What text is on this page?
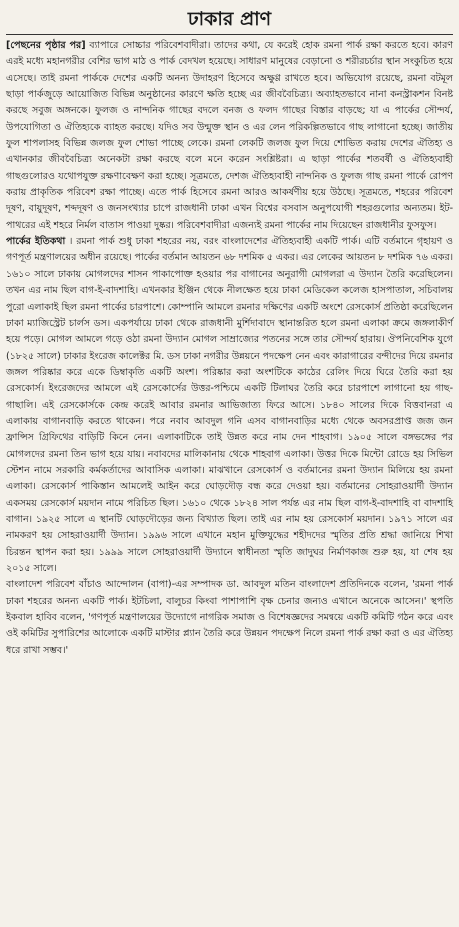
ঢাকার প্রাণ

[পেছনের পৃষ্ঠার পর] ব্যাপারে সোচ্চার পরিবেশবাদীরা। তাদের কথা, যে করেই হোক রমনা পার্ক রক্ষা করতে হবে। কারণ এরই মধ্যে মহানগরীর বেশির ভাগ মাঠ ও পার্ক বেদখল হয়েছে। সাধারণ মানুষের বেড়ানো ও শরীরচর্চার স্থান সংকুচিত হয়ে এসেছে। তাই রমনা পার্ককে দেশের একটি অনন্য উদাহরণ হিসেবে অক্ষুণ্ণ রাখতে হবে। অভিযোগ রয়েছে, রমনা বটমূল ছাড়া পার্কজুড়ে আয়োজিত বিভিন্ন অনুষ্ঠানের কারণে ক্ষতি হচ্ছে এর জীববৈচিত্র্য। অব্যাহতভাবে নানা কনস্ট্রাকশন বিনষ্ট করছে সবুজ অঙ্গনকে। ফুলজ ও নান্দনিক গাছের বদলে বনজ ও ফলদ গাছের বিস্তার বাড়ছে; যা এ পার্কের সৌন্দর্য, উপযোগিতা ও ঐতিহ্যকে ব্যাহত করছে। যদিও সব উন্মুক্ত স্থান ও এর লেন পরিকল্পিতভাবে গাছ লাগানো হচ্ছে। জাতীয় ফুল শাপলাসহ বিভিন্ন জলজ ফুল শোভা পাচ্ছে লেকে। রমনা লেকটি জলজ ফুল দিয়ে শোভিত করায় দেশের ঐতিহ্য ও এখানকার জীববৈচিত্র্য অনেকটা রক্ষা করছে বলে মনে করেন সংশ্লিষ্টরা। এ ছাড়া পার্কের শতবর্ষী ও ঐতিহ্যবাহী গাছগুলোরও যথোপযুক্ত রক্ষণাবেক্ষণ করা হচ্ছে। সূত্রমতে, দেশজ ঐতিহ্যবাহী নান্দনিক ও ফুলজ গাছ রমনা পার্কে রোপণ করায় প্রাকৃতিক পরিবেশ রক্ষা পাচ্ছে। এতে পার্ক হিসেবে রমনা আরও আকর্ষণীয় হয়ে উঠছে। সূত্রমতে, শহরের পরিবেশ দূষণ, বায়ুদূষণ, শব্দদূষণ ও জনসংখ্যার চাপে রাজধানী ঢাকা এখন বিশ্বের বসবাস অনুপযোগী শহরগুলোর অন্যতম। ইট-পাথরের এই শহরে নির্মল বাতাস পাওয়া দুষ্কর। পরিবেশবাদীরা এজন্যই রমনা পার্কের নাম দিয়েছেন রাজধানীর ফুসফুস।

পার্কের ইতিকথা । রমনা পার্ক শুধু ঢাকা শহরের নয়, বরং বাংলাদেশের ঐতিহ্যবাহী একটি পার্ক। এটি বর্তমানে গৃহায়ণ ও গণপূর্ত মন্ত্রণালয়ের অধীন রয়েছে। পার্কের বর্তমান আয়তন ৬৮ দশমিক ৫ একর। এর লেকের আয়তন ৮ দশমিক ৭৬ একর। ১৬১০ সালে ঢাকায় মোগলদের শাসন পাকাপোক্ত হওয়ার পর বাগানের অনুরাগী মোগলরা এ উদ্যান তৈরি করেছিলেন। তখন এর নাম ছিল বাগ-ই-বাদশাহি। এখনকার ইঞ্জিন থেকে নীলক্ষেত হয়ে ঢাকা মেডিকেল কলেজ হাসপাতাল, সচিবালয় পুরো এলাকাই ছিল রমনা পার্কের চারপাশে। কোম্পানি আমলে রমনার দক্ষিণের একটি অংশে রেসকোর্স প্রতিষ্ঠা করেছিলেন ঢাকা ম্যাজিস্ট্রেট চার্লস ডস। একপর্যায়ে ঢাকা থেকে রাজধানী মুর্শিদাবাদে স্থানান্তরিত হলে রমনা এলাকা ক্রমে জঙ্গলাকীর্ণ হয়ে পড়ে। মোগল আমলে গড়ে ওঠা রমনা উদ্যান মোগল সাম্রাজ্যের পতনের সঙ্গে তার সৌন্দর্য হারায়। ঔপনিবেশিক যুগে (১৮২৫ সালে) ঢাকার ইংরেজ কালেক্টর মি. ডস ঢাকা নগরীর উন্নয়নে পদক্ষেপ নেন এবং কারাগারের বন্দীদের দিয়ে রমনার জঙ্গল পরিষ্কার করে একে ডিম্বাকৃতি একটি অংশ। পরিষ্কার করা অংশটিকে কাঠের রেলিং দিয়ে ঘিরে তৈরি করা হয় রেসকোর্স। ইংরেজদের আমলে এই রেসকোর্সের উত্তর-পশ্চিমে একটি টিলাঘর তৈরি করে চারপাশে লাগানো হয় গাছ-গাছালি। এই রেসকোর্সকে কেন্দ্র করেই আবার রমনার আভিজাত্য ফিরে আসে। ১৮৪০ সালের দিকে বিত্তবানরা এ এলাকায় বাগানবাড়ি করতে থাকেন। পরে নবাব আবদুল গনি এসব বাগানবাড়ির মধ্যে থেকে অবসরপ্রাপ্ত জজ জন ফ্রান্সিস গ্রিফিথের বাড়িটি কিনে নেন। এলাকাটিকে তাই উন্নত করে নাম দেন শাহবাগ। ১৯০৫ সালে বঙ্গভঙ্গের পর মোগলদের রমনা তিন ভাগ হয়ে যায়। নবাবদের মালিকানায় থেকে শাহবাগ এলাকা। উত্তর দিকে মিন্টো রোডে হয় সিভিল স্টেশন নামে সরকারি কর্মকর্তাদের আবাসিক এলাকা। মাঝখানে রেসকোর্স ও বর্তমানের রমনা উদ্যান মিলিয়ে হয় রমনা এলাকা। রেসকোর্স পাকিস্তান আমলেই আইন করে ঘোড়দৌড় বন্ধ করে দেওয়া হয়। বর্তমানের সোহরাওয়ার্দী উদ্যান একসময় রেসকোর্স ময়দান নামে পরিচিত ছিল। ১৬১০ থেকে ১৮২৪ সাল পর্যন্ত এর নাম ছিল বাগ-ই-বাদশাহি বা বাদশাহি বাগান। ১৯২৫ সালে এ স্থানটি ঘোড়দৌড়ের জন্য বিখ্যাত ছিল। তাই এর নাম হয় রেসকোর্স ময়দান। ১৯৭১ সালে এর নামকরণ হয় সোহরাওয়ার্দী উদ্যান। ১৯৯৬ সালে এখানে মহান মুক্তিযুদ্ধের শহীদদের স্মৃতির প্রতি শ্রদ্ধা জানিয়ে শিখা চিরন্তন স্থাপন করা হয়। ১৯৯৯ সালে সোহরাওয়ার্দী উদ্যানে স্বাধীনতা স্মৃতি জাদুঘর নির্মাণকাজ শুরু হয়, যা শেষ হয় ২০১৫ সালে।

বাংলাদেশ পরিবেশ বাঁচাও আন্দোলন (বাপা)-এর সম্পাদক ডা. আবদুল মতিন বাংলাদেশ প্রতিদিনকে বলেন, 'রমনা পার্ক ঢাকা শহরের অনন্য একটি পার্ক। ইটচিলা, বালুচর কিংবা পাশাপাশি বৃক্ষ চেনার জন্যও এখানে অনেকে আসেন।' স্থপতি ইকবাল হাবিব বলেন, 'গণপূর্ত মন্ত্রণালয়ের উদ্যোগে নাগরিক সমাজ ও বিশেষজ্ঞদের সমন্বয়ে একটি কমিটি গঠন করে এবং ওই কমিটির সুপারিশের আলোকে একটি মাস্টার প্ল্যান তৈরি করে উন্নয়ন পদক্ষেপ নিলে রমনা পার্ক রক্ষা করা ও এর ঐতিহ্য ধরে রাখা সম্ভব।'
